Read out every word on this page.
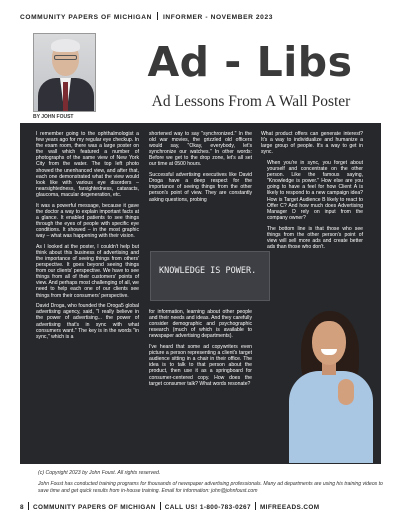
COMMUNITY PAPERS OF MICHIGAN INFORMER - NOVEMBER 2023
BY JOHN FOUST
Ad - Libs
Ad Lessons From A Wall Poster

I remember going to the ophthalmologist a few years ago for my regular eye checkup. In the exam room, there was a large poster on the wall which featured a number of photographs of the same view of New York City from the water. The top left photo showed the unenhanced view, and after that, each one demonstrated what the view would look like with various eye disorders – nearsightedness, farsightedness, cataracts, glaucoma, macular degeneration, etc.

It was a powerful message, because it gave the doctor a way to explain important facts at a glance. It enabled patients to see things through the eyes of people with specific eye conditions. It showed – in the most graphic way – what was happening with their vision.

As I looked at the poster, I couldn't help but think about this business of advertising and the importance of seeing things from others' perspective. It goes beyond seeing things from our clients' perspective. We have to see things from all of their customers' points of view. And perhaps most challenging of all, we need to help each one of our clients see things from their consumers' perspective.

David Droga, who founded the Droga5 global advertising agency, said, "I really believe in the power of advertising... the power of advertising that's in sync with what consumers want." The key is in the words "in sync," which is a

shortened way to say "synchronized." In the old war movies, the grizzled old officers would say, "Okay, everybody, let's synchronize our watches." In other words: Before we get to the drop zone, let's all set our time at 0500 hours.

Successful advertising executives like David Droga have a deep respect for the importance of seeing things from the other person's point of view. They are constantly asking questions, probing

KNOWLEDGE IS POWER.

for information, learning about other people and their needs and ideas. And they carefully consider demographic and psychographic research (much of which is available to newspaper advertising departments).

I've heard that some ad copywriters even picture a person representing a client's target audience sitting in a chair in their office. The idea is to talk to that person about the product, then use it as a springboard for consumer-centered copy. How does the target consumer talk? What words resonate?

What product offers can generate interest? It's a way to individualize and humanize a large group of people. It's a way to get in sync.

When you're in sync, you forget about yourself and concentrate on the other person. Like the famous saying, "Knowledge is power." How else are you going to have a feel for how Client A is likely to respond to a new campaign idea? How is Target Audience B likely to react to Offer C? And how much does Advertising Manager D rely on input from the company owner?

The bottom line is that those who see things from the other person's point of view will sell more ads and create better ads than those who don't.

(c) Copyright 2023 by John Foust. All rights reserved.
John Foust has conducted training programs for thousands of newspaper advertising professionals. Many ad departments are using his training videos to save time and get quick results from in-house training. Email for information: john@johnfoust.com
8 COMMUNITY PAPERS OF MICHIGAN CALL US! 1-800-783-0267 MIFREEADS.COM
